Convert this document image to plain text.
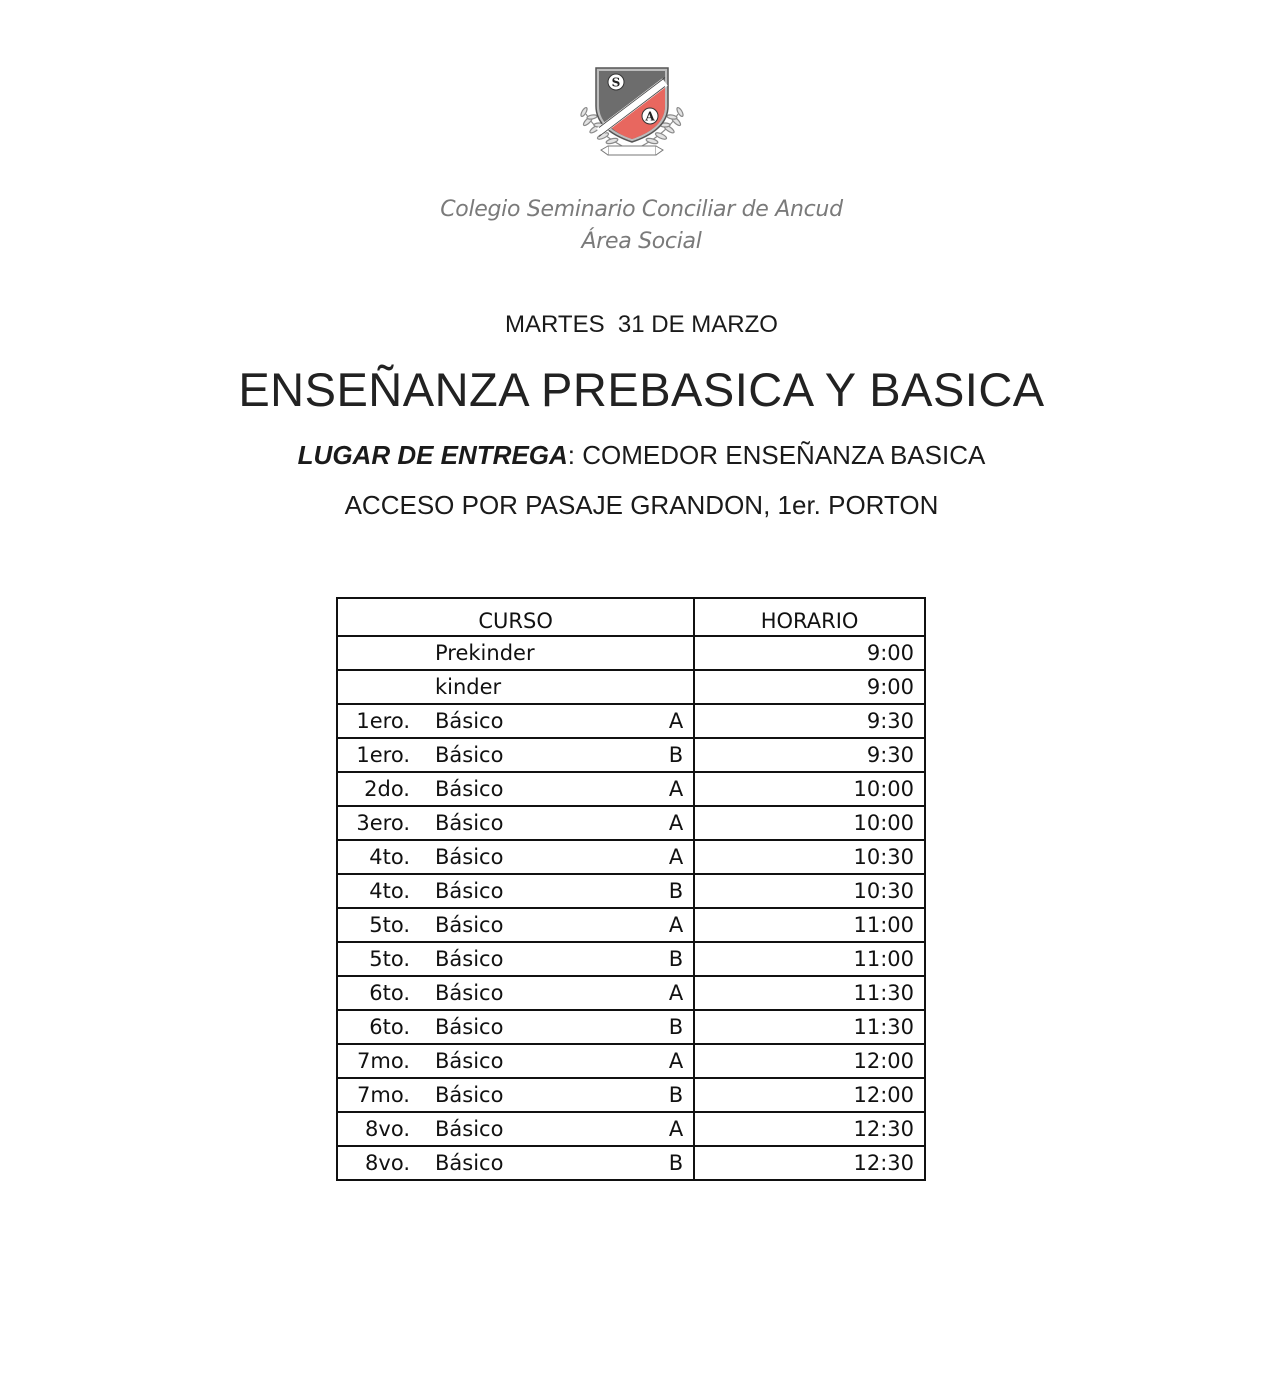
S
A
Colegio Seminario Conciliar de Ancud
Área Social
MARTES  31 DE MARZO
ENSEÑANZA PREBASICA Y BASICA
LUGAR DE ENTREGA: COMEDOR ENSEÑANZA BASICA
ACCESO POR PASAJE GRANDON, 1er. PORTON
CURSO	HORARIO

Prekinder	9:00

kinder	9:00

1ero. Básico A	9:30

1ero. Básico B	9:30

2do. Básico A	10:00

3ero. Básico A	10:00

4to. Básico A	10:30

4to. Básico B	10:30

5to. Básico A	11:00

5to. Básico B	11:00

6to. Básico A	11:30

6to. Básico B	11:30

7mo. Básico A	12:00

7mo. Básico B	12:00

8vo. Básico A	12:30

8vo. Básico B	12:30
